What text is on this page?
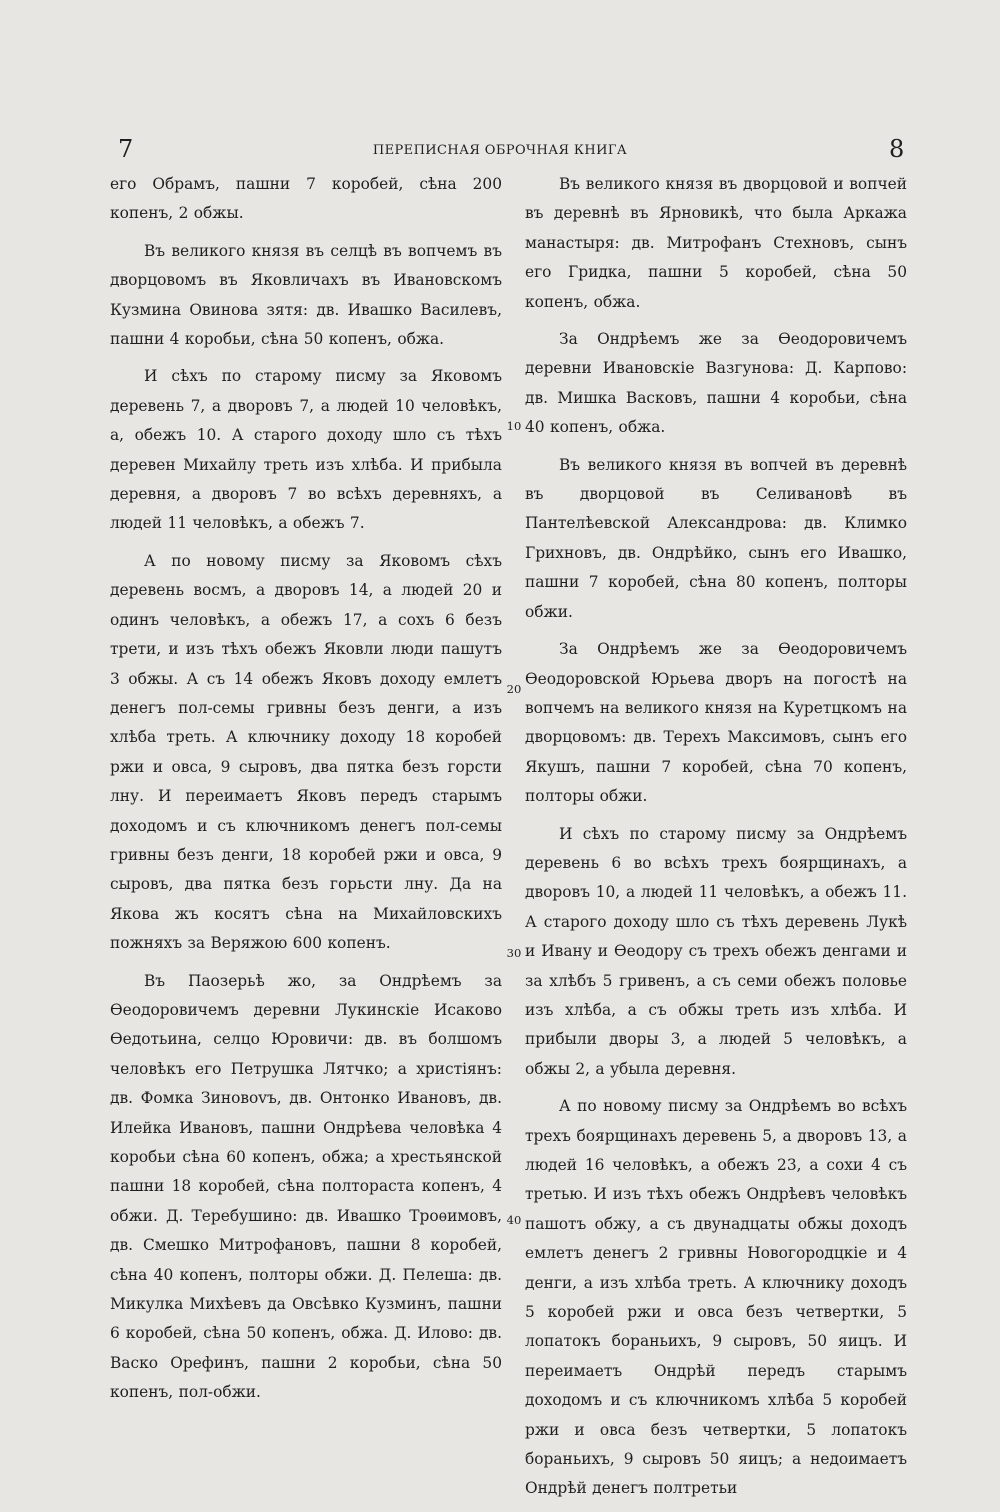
7	ПЕРЕПИСНАЯ ОБРОЧНАЯ КНИГА	8

его Обрамъ, пашни 7 коробей, сѣна 200 копенъ, 2 обжы.

Въ великого князя въ селцѣ въ вопчемъ въ дворцовомъ въ Яковличахъ въ Ивановскомъ Кузмина Овинова зятя: дв. Ивашко Василевъ, пашни 4 коробьи, сѣна 50 копенъ, обжа.

И сѣхъ по старому писму за Яковомъ деревень 7, а дворовъ 7, а людей 10 человѣкъ, а, обежъ 10. А старого доходу шло съ тѣхъ деревен Михайлу треть изъ хлѣба. И прибыла деревня, а дворовъ 7 во всѣхъ деревняхъ, а людей 11 человѣкъ, а обежъ 7.

А по новому писму за Яковомъ сѣхъ деревень восмъ, а дворовъ 14, а людей 20 и одинъ человѣкъ, а обежъ 17, а сохъ 6 безъ трети, и изъ тѣхъ обежъ Яковли люди пашутъ 3 обжы. А съ 14 обежъ Яковъ доходу емлетъ денегъ пол-семы гривны безъ денги, а изъ хлѣба треть. А ключнику доходу 18 коробей ржи и овса, 9 сыровъ, два пятка безъ горсти лну. И переимаетъ Яковъ передъ старымъ доходомъ и съ ключникомъ денегъ пол-семы гривны безъ денги, 18 коробей ржи и овса, 9 сыровъ, два пятка безъ горьсти лну. Да на Якова жъ косятъ сѣна на Михайловскихъ пожняхъ за Веряжою 600 копенъ.

Въ Паозерьѣ жо, за Ондрѣемъ за Ѳеодоровичемъ деревни Лукинскіе Исаково Ѳедотьина, селцо Юровичи: дв. въ болшомъ человѣкъ его Петрушка Лятчко; а христіянъ: дв. Фомка Зиновovъ, дв. Онтонко Ивановъ, дв. Илейка Ивановъ, пашни Ондрѣева человѣка 4 коробьи сѣна 60 копенъ, обжа; а хрестьянской пашни 18 коробей, сѣна полтораста копенъ, 4 обжи. Д. Теребушино: дв. Ивашко Троѳимовъ, дв. Смешко Митрофановъ, пашни 8 коробей, сѣна 40 копенъ, полторы обжи. Д. Пелеша: дв. Микулка Михѣевъ да Овсѣвко Кузминъ, пашни 6 коробей, сѣна 50 копенъ, обжа. Д. Илово: дв. Васко Орефинъ, пашни 2 коробьи, сѣна 50 копенъ, пол-обжи.

Въ великого князя въ дворцовой и вопчей въ деревнѣ въ Ярновикѣ, что была Аркажа манастыря: дв. Митрофанъ Стехновъ, сынъ его Гридка, пашни 5 коробей, сѣна 50 копенъ, обжа.

За Ондрѣемъ же за Ѳеодоровичемъ деревни Ивановскіе Вазгунова: Д. Карпово: дв. Мишка Васковъ, пашни 4 коробьи, сѣна 40 копенъ, обжа.

Въ великого князя въ вопчей въ деревнѣ въ дворцовой въ Селивановѣ въ Пантелѣевской Александрова: дв. Климко Грихновъ, дв. Ондрѣйко, сынъ его Ивашко, пашни 7 коробей, сѣна 80 копенъ, полторы обжи.

За Ондрѣемъ же за Ѳеодоровичемъ Ѳеодоровской Юрьева дворъ на погостѣ на вопчемъ на великого князя на Куретцкомъ на дворцовомъ: дв. Терехъ Максимовъ, сынъ его Якушъ, пашни 7 коробей, сѣна 70 копенъ, полторы обжи.

И сѣхъ по старому писму за Ондрѣемъ деревень 6 во всѣхъ трехъ боярщинахъ, а дворовъ 10, а людей 11 человѣкъ, а обежъ 11. А старого доходу шло съ тѣхъ деревень Лукѣ и Ивану и Ѳеодору съ трехъ обежъ денгами и за хлѣбъ 5 гривенъ, а съ семи обежъ половье изъ хлѣба, а съ обжы треть изъ хлѣба. И прибыли дворы 3, а людей 5 человѣкъ, а обжы 2, а убыла деревня.

А по новому писму за Ондрѣемъ во всѣхъ трехъ боярщинахъ деревень 5, а дворовъ 13, а людей 16 человѣкъ, а обежъ 23, а сохи 4 съ третью. И изъ тѣхъ обежъ Ондрѣевъ человѣкъ пашотъ обжу, а съ двунадцаты обжы доходъ емлетъ денегъ 2 гривны Новогородцкіе и 4 денги, а изъ хлѣба треть. А ключнику доходъ 5 коробей ржи и овса безъ четвертки, 5 лопатокъ бораньихъ, 9 сыровъ, 50 яицъ. И переимаетъ Ондрѣй передъ старымъ доходомъ и съ ключникомъ хлѣба 5 коробей ржи и овса безъ четвертки, 5 лопатокъ бораньихъ, 9 сыровъ 50 яицъ; а недоимаетъ Ондрѣй денегъ полтретьи

10
20
30
40
